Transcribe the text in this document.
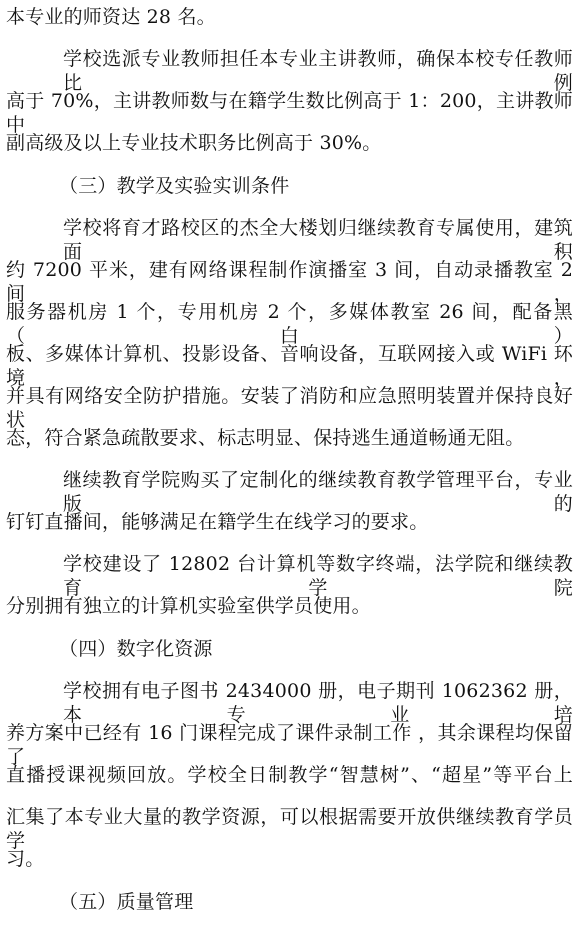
本专业的师资达 28 名。
学校选派专业教师担任本专业主讲教师，确保本校专任教师比例
高于 70%，主讲教师数与在籍学生数比例高于 1：200，主讲教师中
副高级及以上专业技术职务比例高于 30%。
（三）教学及实验实训条件
学校将育才路校区的杰全大楼划归继续教育专属使用，建筑面积
约 7200 平米，建有网络课程制作演播室 3 间，自动录播教室 2 间，
服务器机房 1 个，专用机房 2 个，多媒体教室 26 间，配备黑（白）
板、多媒体计算机、投影设备、音响设备，互联网接入或 WiFi 环境，
并具有网络安全防护措施。安装了消防和应急照明装置并保持良好状
态，符合紧急疏散要求、标志明显、保持逃生通道畅通无阻。
继续教育学院购买了定制化的继续教育教学管理平台，专业版的
钉钉直播间，能够满足在籍学生在线学习的要求。
学校建设了 12802 台计算机等数字终端，法学院和继续教育学院
分别拥有独立的计算机实验室供学员使用。
（四）数字化资源
学校拥有电子图书 2434000 册，电子期刊 1062362 册，本专业培
养方案中已经有 16 门课程完成了课件录制工作 ，其余课程均保留了
直播授课视频回放。学校全日制教学“智慧树”、“超星”等平台上
汇集了本专业大量的教学资源，可以根据需要开放供继续教育学员学
习。
（五）质量管理
